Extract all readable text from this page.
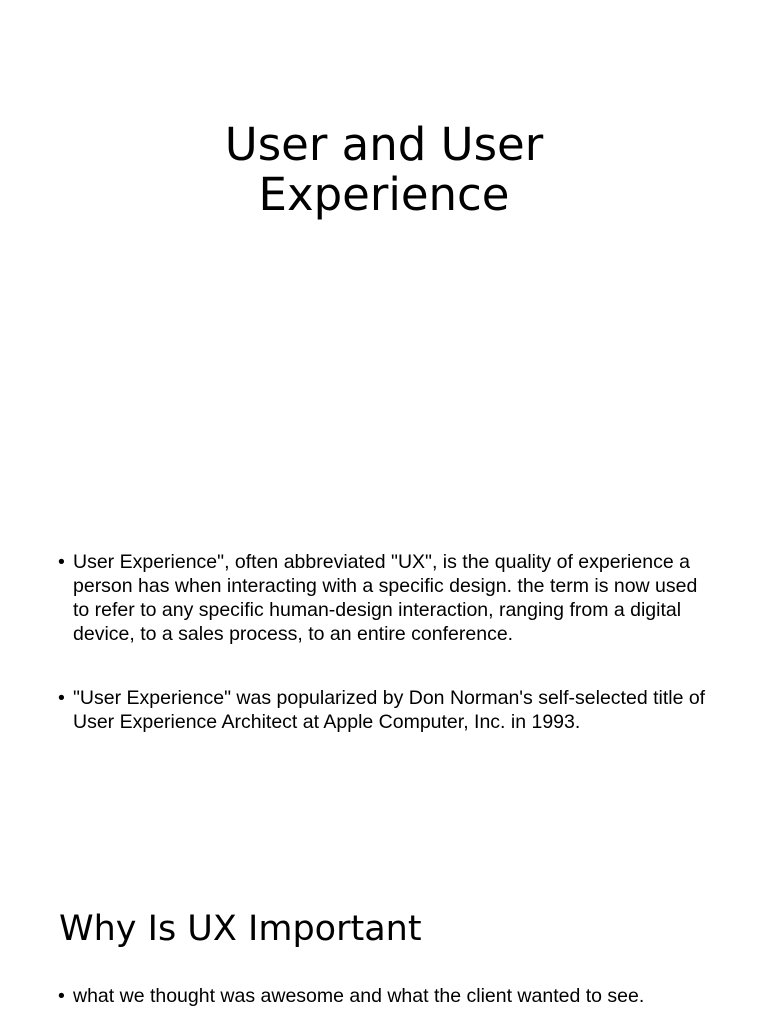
User and User
Experience
• User Experience", often abbreviated "UX", is the quality of experience a person has when interacting with a specific design. the term is now used to refer to any specific human-design interaction, ranging from a digital device, to a sales process, to an entire conference.
• "User Experience" was popularized by Don Norman's self-selected title of User Experience Architect at Apple Computer, Inc. in 1993.
Why Is UX Important
• what we thought was awesome and what the client wanted to see.
